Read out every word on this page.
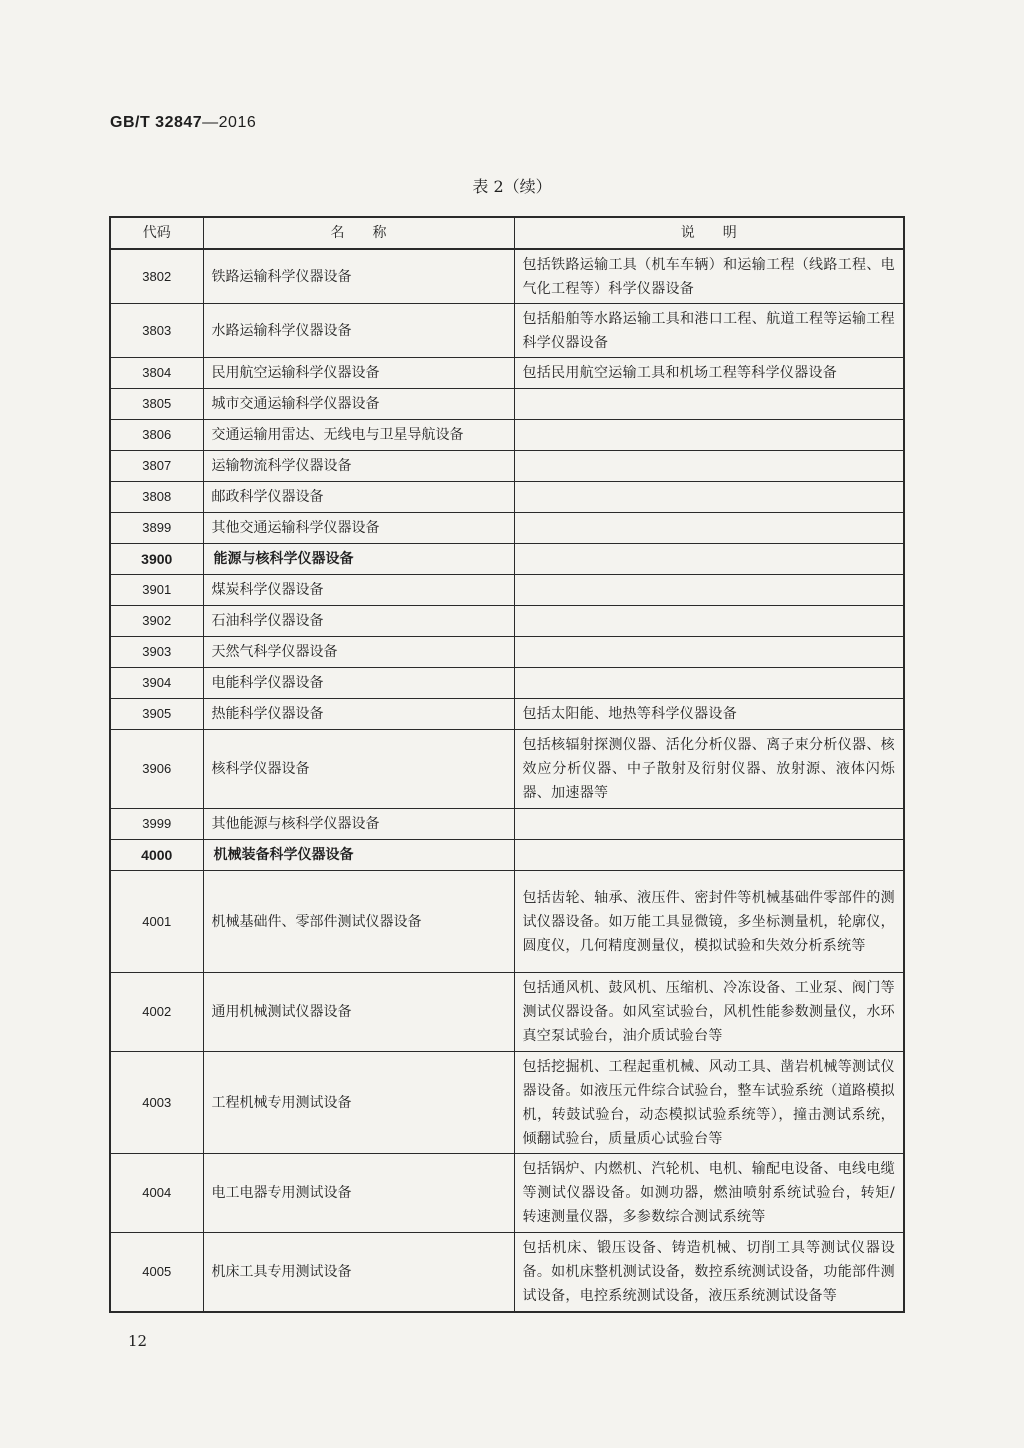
GB/T 32847—2016
表 2（续）
代码	名　　称	说　　明
3802	铁路运输科学仪器设备	包括铁路运输工具（机车车辆）和运输工程（线路工程、电气化工程等）科学仪器设备
3803	水路运输科学仪器设备	包括船舶等水路运输工具和港口工程、航道工程等运输工程科学仪器设备
3804	民用航空运输科学仪器设备	包括民用航空运输工具和机场工程等科学仪器设备
3805	城市交通运输科学仪器设备	
3806	交通运输用雷达、无线电与卫星导航设备	
3807	运输物流科学仪器设备	
3808	邮政科学仪器设备	
3899	其他交通运输科学仪器设备	
3900	能源与核科学仪器设备	
3901	煤炭科学仪器设备	
3902	石油科学仪器设备	
3903	天然气科学仪器设备	
3904	电能科学仪器设备	
3905	热能科学仪器设备	包括太阳能、地热等科学仪器设备
3906	核科学仪器设备	包括核辐射探测仪器、活化分析仪器、离子束分析仪器、核效应分析仪器、中子散射及衍射仪器、放射源、液体闪烁器、加速器等
3999	其他能源与核科学仪器设备	
4000	机械装备科学仪器设备	
4001	机械基础件、零部件测试仪器设备	包括齿轮、轴承、液压件、密封件等机械基础件零部件的测试仪器设备。如万能工具显微镜，多坐标测量机，轮廓仪，圆度仪，几何精度测量仪，模拟试验和失效分析系统等
4002	通用机械测试仪器设备	包括通风机、鼓风机、压缩机、冷冻设备、工业泵、阀门等测试仪器设备。如风室试验台，风机性能参数测量仪，水环真空泵试验台，油介质试验台等
4003	工程机械专用测试设备	包括挖掘机、工程起重机械、风动工具、凿岩机械等测试仪器设备。如液压元件综合试验台，整车试验系统（道路模拟机，转鼓试验台，动态模拟试验系统等），撞击测试系统，倾翻试验台，质量质心试验台等
4004	电工电器专用测试设备	包括锅炉、内燃机、汽轮机、电机、输配电设备、电线电缆等测试仪器设备。如测功器，燃油喷射系统试验台，转矩/转速测量仪器，多参数综合测试系统等
4005	机床工具专用测试设备	包括机床、锻压设备、铸造机械、切削工具等测试仪器设备。如机床整机测试设备，数控系统测试设备，功能部件测试设备，电控系统测试设备，液压系统测试设备等
12
